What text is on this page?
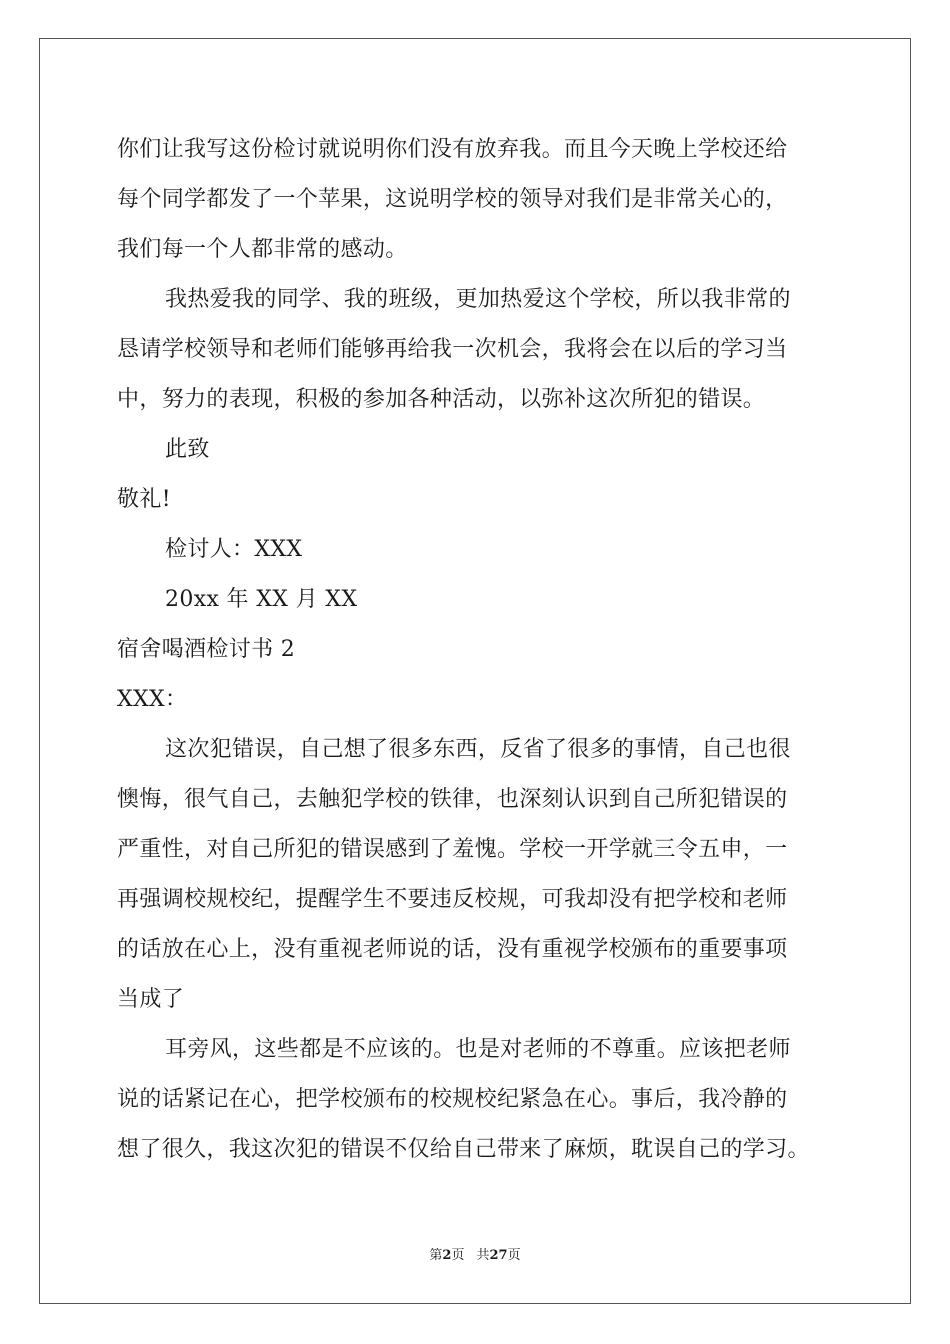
你们让我写这份检讨就说明你们没有放弃我。而且今天晚上学校还给
每个同学都发了一个苹果，这说明学校的领导对我们是非常关心的，
我们每一个人都非常的感动。
我热爱我的同学、我的班级，更加热爱这个学校，所以我非常的
恳请学校领导和老师们能够再给我一次机会，我将会在以后的学习当
中，努力的表现，积极的参加各种活动，以弥补这次所犯的错误。
此致
敬礼!
检讨人：XXX
20xx 年 XX 月 XX
宿舍喝酒检讨书 2
XXX：
这次犯错误，自己想了很多东西，反省了很多的事情，自己也很
懊悔，很气自己，去触犯学校的铁律，也深刻认识到自己所犯错误的
严重性，对自己所犯的错误感到了羞愧。学校一开学就三令五申，一
再强调校规校纪，提醒学生不要违反校规，可我却没有把学校和老师
的话放在心上，没有重视老师说的话，没有重视学校颁布的重要事项
当成了
耳旁风，这些都是不应该的。也是对老师的不尊重。应该把老师
说的话紧记在心，把学校颁布的校规校纪紧急在心。事后，我冷静的
想了很久，我这次犯的错误不仅给自己带来了麻烦，耽误自己的学习。
第2页 共27页
